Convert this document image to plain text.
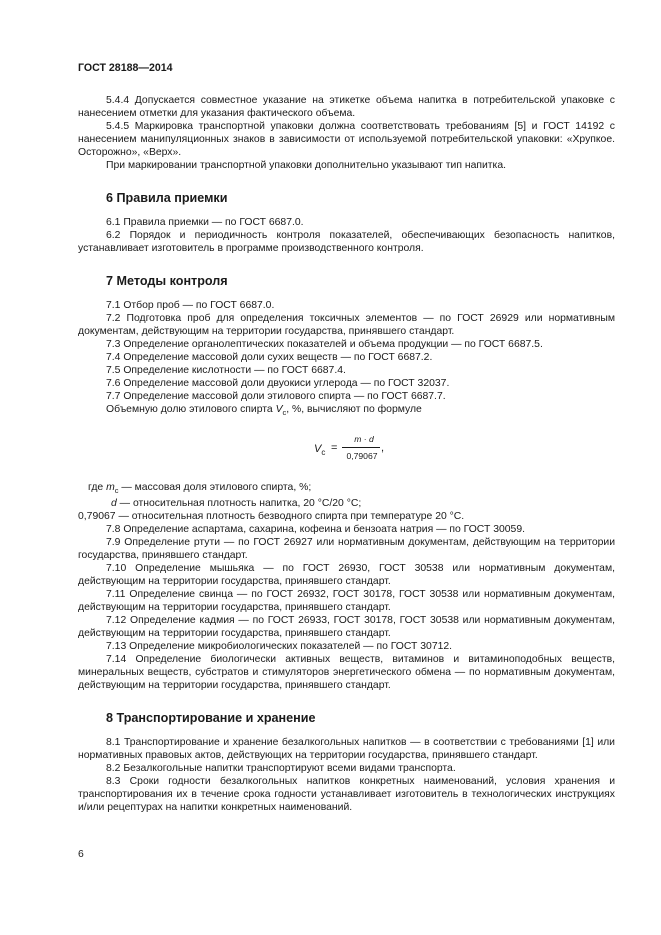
ГОСТ 28188—2014

5.4.4 Допускается совместное указание на этикетке объема напитка в потребительской упаковке с нанесением отметки для указания фактического объема.

5.4.5 Маркировка транспортной упаковки должна соответствовать требованиям [5] и ГОСТ 14192 с нанесением манипуляционных знаков в зависимости от используемой потребительской упаковки: «Хрупкое. Осторожно», «Верх».

При маркировании транспортной упаковки дополнительно указывают тип напитка.

6 Правила приемки

6.1 Правила приемки — по ГОСТ 6687.0.

6.2 Порядок и периодичность контроля показателей, обеспечивающих безопасность напитков, устанавливает изготовитель в программе производственного контроля.

7 Методы контроля

7.1 Отбор проб — по ГОСТ 6687.0.

7.2 Подготовка проб для определения токсичных элементов — по ГОСТ 26929 или нормативным документам, действующим на территории государства, принявшего стандарт.

7.3 Определение органолептических показателей и объема продукции — по ГОСТ 6687.5.

7.4 Определение массовой доли сухих веществ — по ГОСТ 6687.2.

7.5 Определение кислотности — по ГОСТ 6687.4.

7.6 Определение массовой доли двуокиси углерода — по ГОСТ 32037.

7.7 Определение массовой доли этилового спирта — по ГОСТ 6687.7.

Объемную долю этилового спирта $V_c$, %, вычисляют по формуле

$V_c$ =
m · d
0,79067
,

где $m_c$ — массовая доля этилового спирта, %;

d — относительная плотность напитка, 20 °С/20 °С;

0,79067 — относительная плотность безводного спирта при температуре 20 °С.

7.8 Определение аспартама, сахарина, кофеина и бензоата натрия — по ГОСТ 30059.

7.9 Определение ртути — по ГОСТ 26927 или нормативным документам, действующим на территории государства, принявшего стандарт.

7.10 Определение мышьяка — по ГОСТ 26930, ГОСТ 30538 или нормативным документам, действующим на территории государства, принявшего стандарт.

7.11 Определение свинца — по ГОСТ 26932, ГОСТ 30178, ГОСТ 30538 или нормативным документам, действующим на территории государства, принявшего стандарт.

7.12 Определение кадмия — по ГОСТ 26933, ГОСТ 30178, ГОСТ 30538 или нормативным документам, действующим на территории государства, принявшего стандарт.

7.13 Определение микробиологических показателей — по ГОСТ 30712.

7.14 Определение биологически активных веществ, витаминов и витаминоподобных веществ, минеральных веществ, субстратов и стимуляторов энергетического обмена — по нормативным документам, действующим на территории государства, принявшего стандарт.

8 Транспортирование и хранение

8.1 Транспортирование и хранение безалкогольных напитков — в соответствии с требованиями [1] или нормативных правовых актов, действующих на территории государства, принявшего стандарт.

8.2 Безалкогольные напитки транспортируют всеми видами транспорта.

8.3 Сроки годности безалкогольных напитков конкретных наименований, условия хранения и транспортирования их в течение срока годности устанавливает изготовитель в технологических инструкциях и/или рецептурах на напитки конкретных наименований.

6
